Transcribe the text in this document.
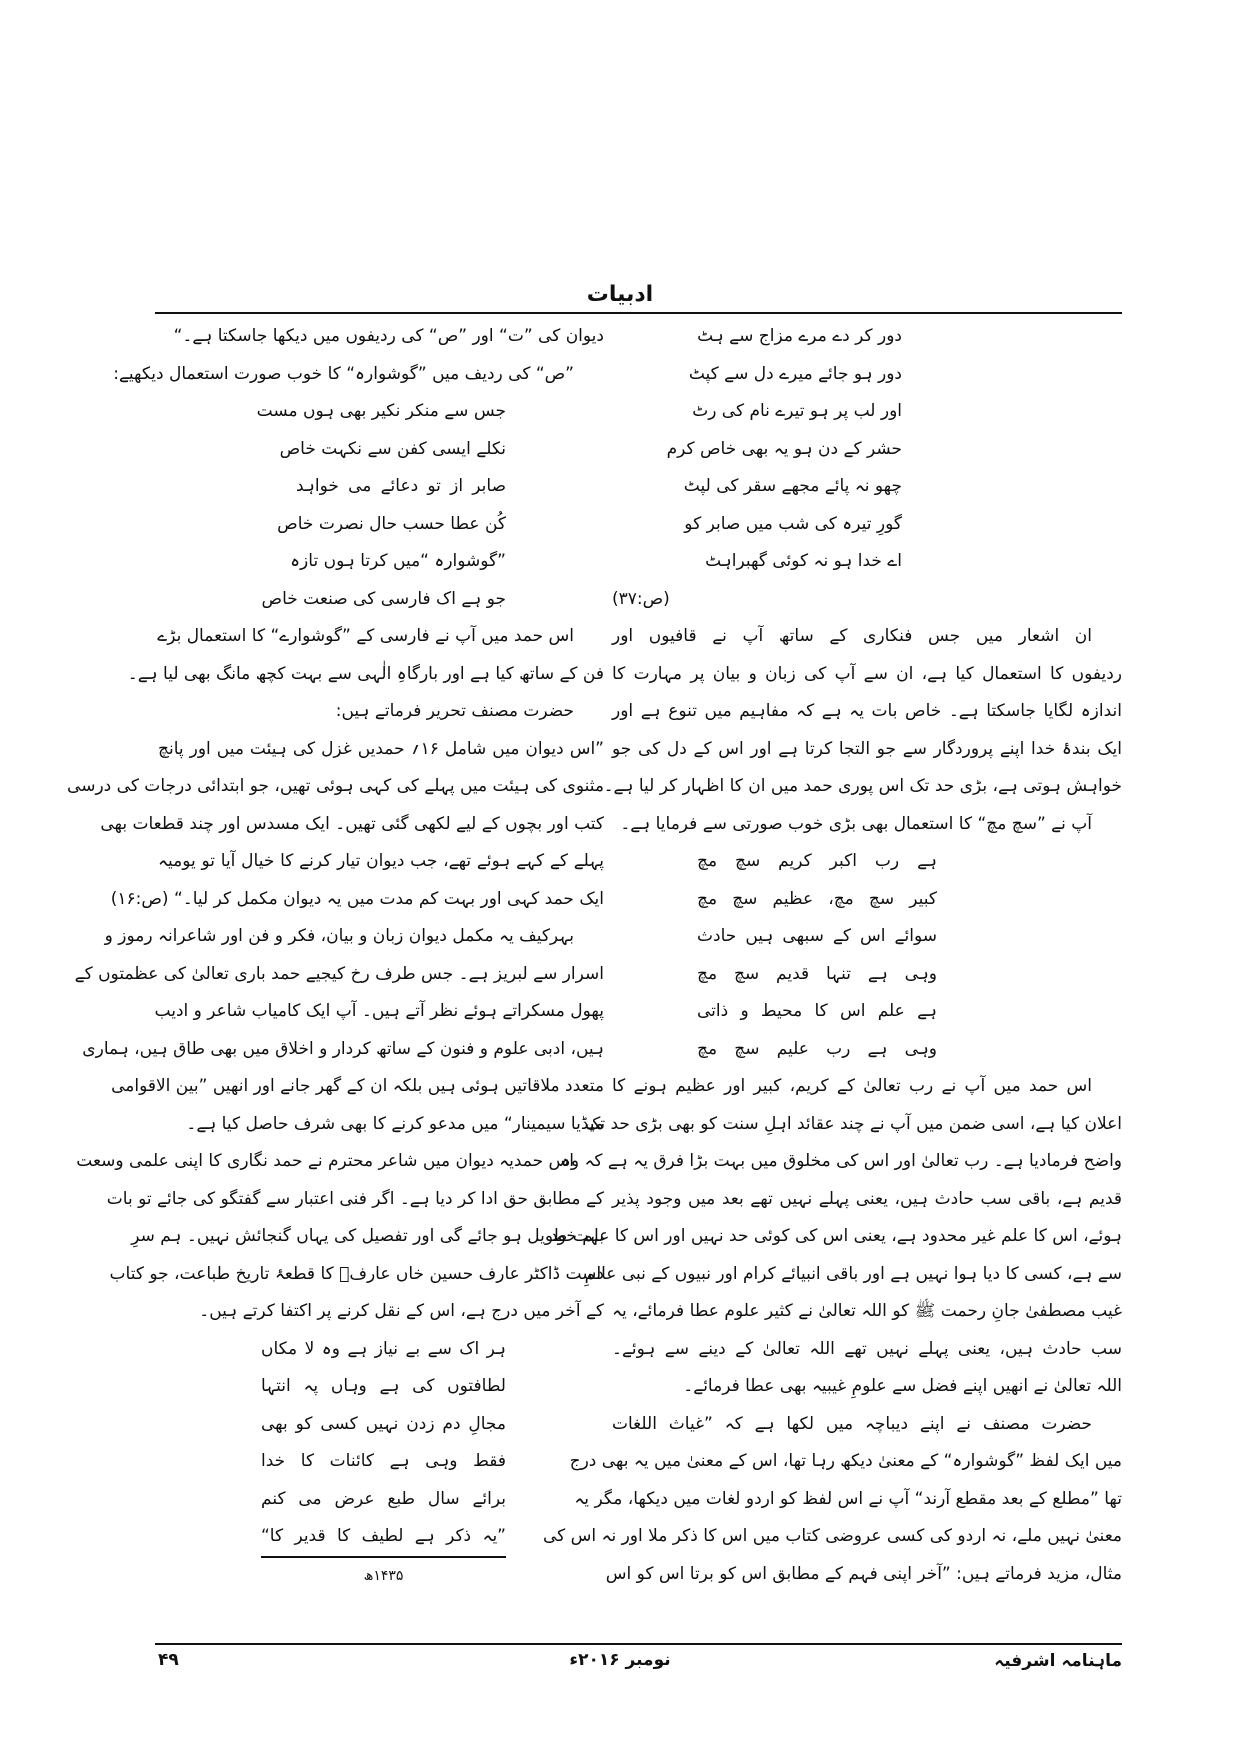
ادبیات
دور کر دے مرے مزاج سے ہٹ
دور ہو جائے میرے دل سے کپٹ
اور لب پر ہو تیرے نام کی رٹ
حشر کے دن ہو یہ بھی خاص کرم
چھو نہ پائے مجھے سقر کی لپٹ
گورِ تیرہ کی شب میں صابر کو
اے خدا ہو نہ کوئی گھبراہٹ
(ص:۳۷)
ان اشعار میں جس فنکاری کے ساتھ آپ نے قافیوں اور
ردیفوں کا استعمال کیا ہے، ان سے آپ کی زبان و بیان پر مہارت کا
اندازہ لگایا جاسکتا ہے۔ خاص بات یہ ہے کہ مفاہیم میں تنوع ہے اور
ایک بندۂ خدا اپنے پروردگار سے جو التجا کرتا ہے اور اس کے دل کی جو
خواہش ہوتی ہے، بڑی حد تک اس پوری حمد میں ان کا اظہار کر لیا ہے۔
آپ نے ”سچ مچ“ کا استعمال بھی بڑی خوب صورتی سے فرمایا ہے۔
ہے رب اکبر کریم سچ مچ
کبیر سچ مچ، عظیم سچ مچ
سوائے اس کے سبھی ہیں حادث
وہی ہے تنہا قدیم سچ مچ
ہے علم اس کا محیط و ذاتی
وہی ہے رب علیم سچ مچ
اس حمد میں آپ نے رب تعالیٰ کے کریم، کبیر اور عظیم ہونے کا
اعلان کیا ہے، اسی ضمن میں آپ نے چند عقائد اہلِ سنت کو بھی بڑی حد تک
واضح فرمادیا ہے۔ رب تعالیٰ اور اس کی مخلوق میں بہت بڑا فرق یہ ہے کہ وہ
قدیم ہے، باقی سب حادث ہیں، یعنی پہلے نہیں تھے بعد میں وجود پذیر
ہوئے، اس کا علم غیر محدود ہے، یعنی اس کی کوئی حد نہیں اور اس کا علم خود
سے ہے، کسی کا دیا ہوا نہیں ہے اور باقی انبیائے کرام اور نبیوں کے نبی عالمِ
غیب مصطفیٰ جانِ رحمت ﷺ کو اللہ تعالیٰ نے کثیر علوم عطا فرمائے، یہ
سب حادث ہیں، یعنی پہلے نہیں تھے اللہ تعالیٰ کے دینے سے ہوئے۔
اللہ تعالیٰ نے انھیں اپنے فضل سے علومِ غیبیہ بھی عطا فرمائے۔
حضرت مصنف نے اپنے دیباچہ میں لکھا ہے کہ ”غیاث اللغات
میں ایک لفظ ”گوشوارہ“ کے معنیٰ دیکھ رہا تھا، اس کے معنیٰ میں یہ بھی درج
تھا ”مطلع کے بعد مقطع آرند“ آپ نے اس لفظ کو اردو لغات میں دیکھا، مگر یہ
معنیٰ نہیں ملے، نہ اردو کی کسی عروضی کتاب میں اس کا ذکر ملا اور نہ اس کی
مثال، مزید فرماتے ہیں: ”آخر اپنی فہم کے مطابق اس کو برتا اس کو اس
دیوان کی ”ت“ اور ”ص“ کی ردیفوں میں دیکھا جاسکتا ہے۔“
”ص“ کی ردیف میں ”گوشوارہ“ کا خوب صورت استعمال دیکھیے:
جس سے منکر نکیر بھی ہوں مست
نکلے ایسی کفن سے نکہت خاص
صابر از تو دعائے می خواہد
کُن عطا حسب حال نصرت خاص
”گوشوارہ “میں کرتا ہوں تازہ
جو ہے اک فارسی کی صنعت خاص
اس حمد میں آپ نے فارسی کے ”گوشوارے“ کا استعمال بڑے
فن کے ساتھ کیا ہے اور بارگاہِ الٰہی سے بہت کچھ مانگ بھی لیا ہے۔
حضرت مصنف تحریر فرماتے ہیں:
”اس دیوان میں شامل ۱۶؍ حمدیں غزل کی ہیئت میں اور پانچ
مثنوی کی ہیئت میں پہلے کی کہی ہوئی تھیں، جو ابتدائی درجات کی درسی
کتب اور بچوں کے لیے لکھی گئی تھیں۔ ایک مسدس اور چند قطعات بھی
پہلے کے کہے ہوئے تھے، جب دیوان تیار کرنے کا خیال آیا تو یومیہ
ایک حمد کہی اور بہت کم مدت میں یہ دیوان مکمل کر لیا۔“ (ص:۱۶)
بہرکیف یہ مکمل دیوان زبان و بیان، فکر و فن اور شاعرانہ رموز و
اسرار سے لبریز ہے۔ جس طرف رخ کیجیے حمد باری تعالیٰ کی عظمتوں کے
پھول مسکراتے ہوئے نظر آتے ہیں۔ آپ ایک کامیاب شاعر و ادیب
ہیں، ادبی علوم و فنون کے ساتھ کردار و اخلاق میں بھی طاق ہیں، ہماری
متعدد ملاقاتیں ہوئی ہیں بلکہ ان کے گھر جانے اور انھیں ”بین الاقوامی
میڈیا سیمینار“ میں مدعو کرنے کا بھی شرف حاصل کیا ہے۔
اس حمدیہ دیوان میں شاعر محترم نے حمد نگاری کا اپنی علمی وسعت
کے مطابق حق ادا کر دیا ہے۔ اگر فنی اعتبار سے گفتگو کی جائے تو بات
بہت طویل ہو جائے گی اور تفصیل کی یہاں گنجائش نہیں۔ ہم سرِ
دست ڈاکٹر عارف حسین خاں عارفؔ کا قطعۂ تاریخ طباعت، جو کتاب
کے آخر میں درج ہے، اس کے نقل کرنے پر اکتفا کرتے ہیں۔
ہر اک سے بے نیاز ہے وہ لا مکاں
لطافتوں کی ہے وہاں پہ انتہا
مجالِ دم زدن نہیں کسی کو بھی
فقط وہی ہے کائنات کا خدا
برائے سال طبع عرض می کنم
”یہ ذکر ہے لطیف کا قدیر کا“
۱۴۳۵ھ
ماہنامہ اشرفیہ
نومبر ۲۰۱۶ء
۴۹
